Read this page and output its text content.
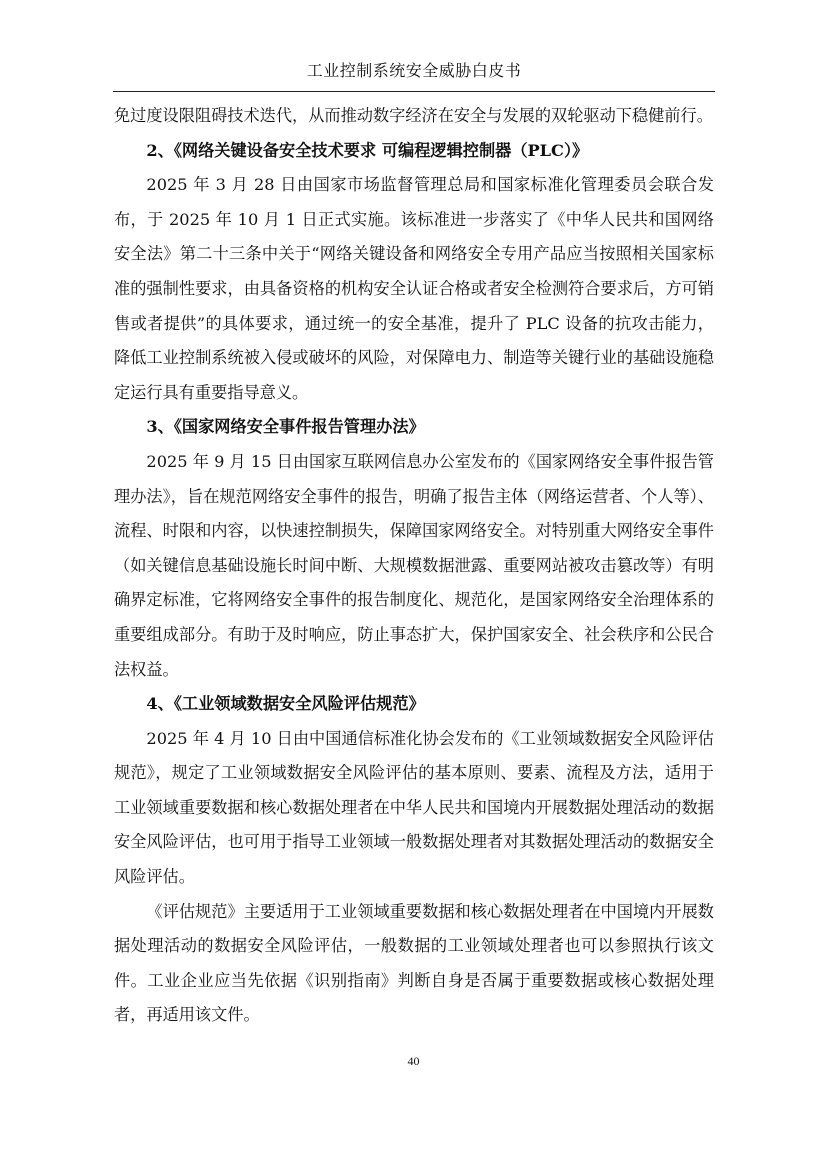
工业控制系统安全威胁白皮书

免过度设限阻碍技术迭代，从而推动数字经济在安全与发展的双轮驱动下稳健前行。

2、《网络关键设备安全技术要求 可编程逻辑控制器（PLC）》

2025 年 3 月 28 日由国家市场监督管理总局和国家标准化管理委员会联合发布，于 2025 年 10 月 1 日正式实施。该标准进一步落实了《中华人民共和国网络安全法》第二十三条中关于“网络关键设备和网络安全专用产品应当按照相关国家标准的强制性要求，由具备资格的机构安全认证合格或者安全检测符合要求后，方可销售或者提供”的具体要求，通过统一的安全基准，提升了 PLC 设备的抗攻击能力，降低工业控制系统被入侵或破坏的风险，对保障电力、制造等关键行业的基础设施稳定运行具有重要指导意义。

3、《国家网络安全事件报告管理办法》

2025 年 9 月 15 日由国家互联网信息办公室发布的《国家网络安全事件报告管理办法》，旨在规范网络安全事件的报告，明确了报告主体（网络运营者、个人等）、流程、时限和内容，以快速控制损失，保障国家网络安全。对特别重大网络安全事件（如关键信息基础设施长时间中断、大规模数据泄露、重要网站被攻击篡改等）有明确界定标准，它将网络安全事件的报告制度化、规范化，是国家网络安全治理体系的重要组成部分。有助于及时响应，防止事态扩大，保护国家安全、社会秩序和公民合法权益。

4、《工业领域数据安全风险评估规范》

2025 年 4 月 10 日由中国通信标准化协会发布的《工业领域数据安全风险评估规范》，规定了工业领域数据安全风险评估的基本原则、要素、流程及方法，适用于工业领域重要数据和核心数据处理者在中华人民共和国境内开展数据处理活动的数据安全风险评估，也可用于指导工业领域一般数据处理者对其数据处理活动的数据安全风险评估。

《评估规范》主要适用于工业领域重要数据和核心数据处理者在中国境内开展数据处理活动的数据安全风险评估，一般数据的工业领域处理者也可以参照执行该文件。工业企业应当先依据《识别指南》判断自身是否属于重要数据或核心数据处理者，再适用该文件。

40
